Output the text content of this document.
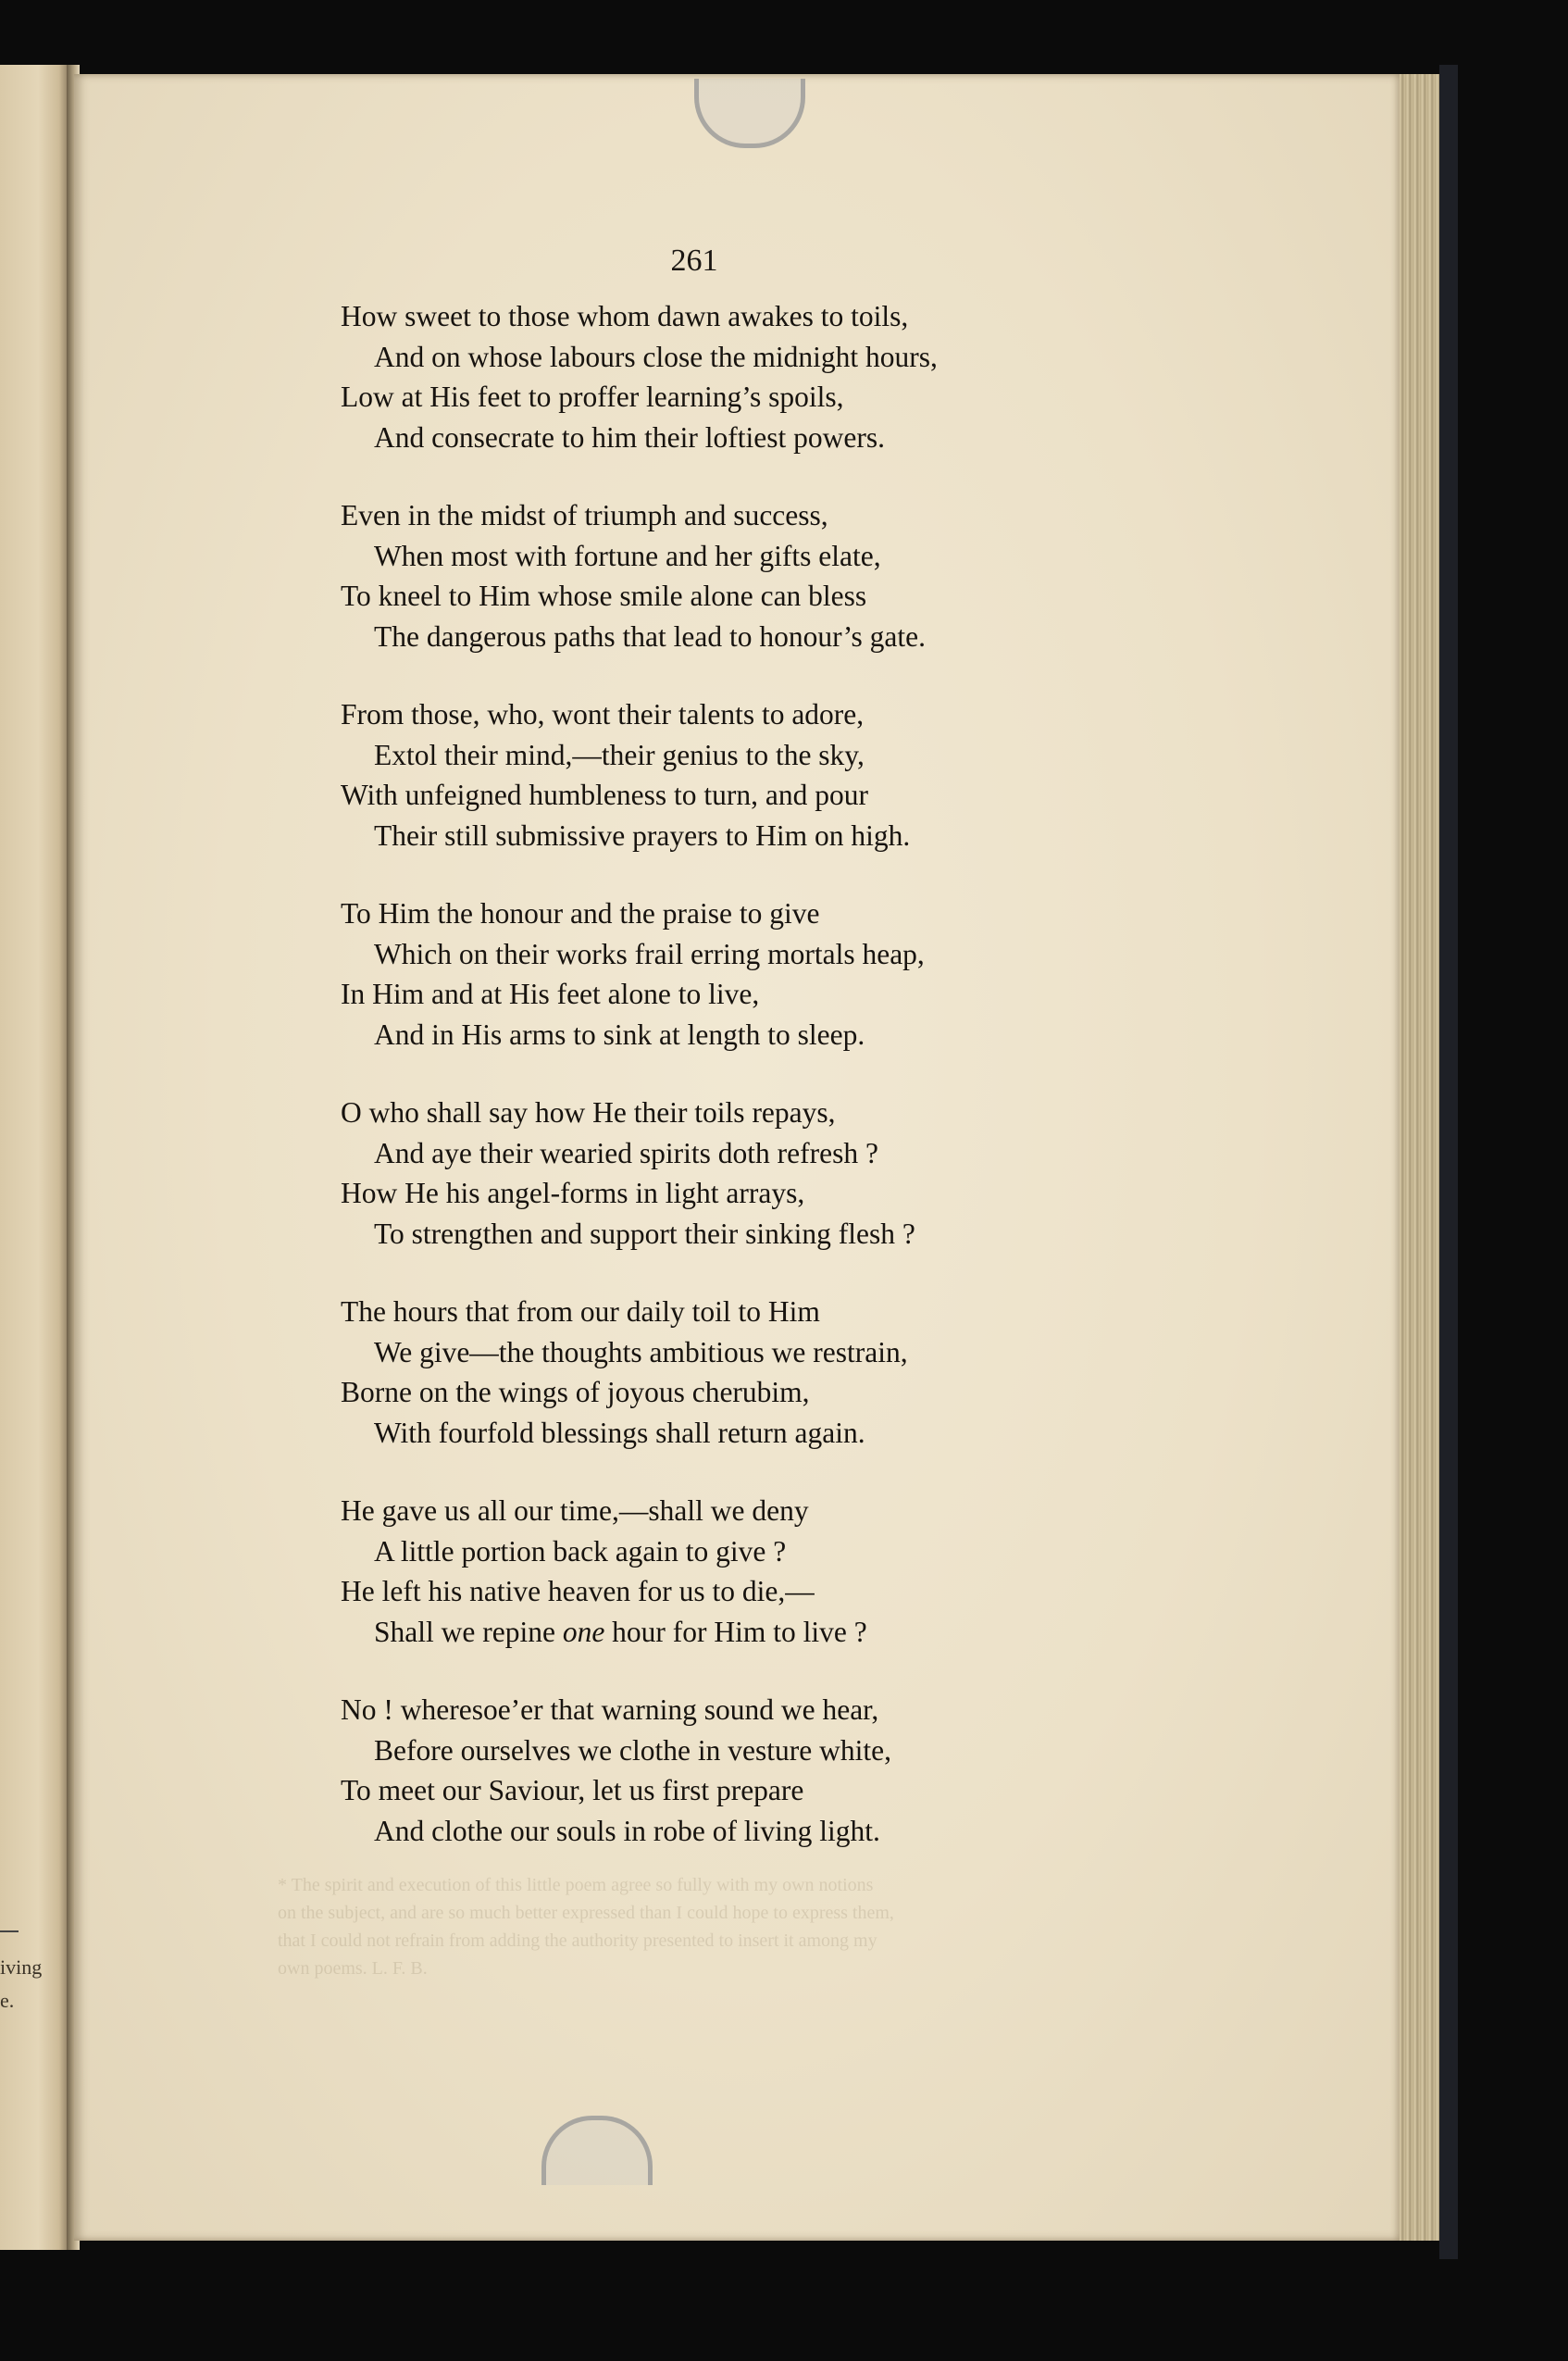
iving
e.
* The spirit and execution of this little poem agree so fully with my own notions
on the subject, and are so much better expressed than I could hope to express them,
that I could not refrain from adding the authority presented to insert it among my
own poems. L. F. B.
261
How sweet to those whom dawn awakes to toils,
And on whose labours close the midnight hours,
Low at His feet to proffer learning’s spoils,
And consecrate to him their loftiest powers.
Even in the midst of triumph and success,
When most with fortune and her gifts elate,
To kneel to Him whose smile alone can bless
The dangerous paths that lead to honour’s gate.
From those, who, wont their talents to adore,
Extol their mind,—their genius to the sky,
With unfeigned humbleness to turn, and pour
Their still submissive prayers to Him on high.
To Him the honour and the praise to give
Which on their works frail erring mortals heap,
In Him and at His feet alone to live,
And in His arms to sink at length to sleep.
O who shall say how He their toils repays,
And aye their wearied spirits doth refresh ?
How He his angel-forms in light arrays,
To strengthen and support their sinking flesh ?
The hours that from our daily toil to Him
We give—the thoughts ambitious we restrain,
Borne on the wings of joyous cherubim,
With fourfold blessings shall return again.
He gave us all our time,—shall we deny
A little portion back again to give ?
He left his native heaven for us to die,—
Shall we repine one hour for Him to live ?
No ! wheresoe’er that warning sound we hear,
Before ourselves we clothe in vesture white,
To meet our Saviour, let us first prepare
And clothe our souls in robe of living light.
